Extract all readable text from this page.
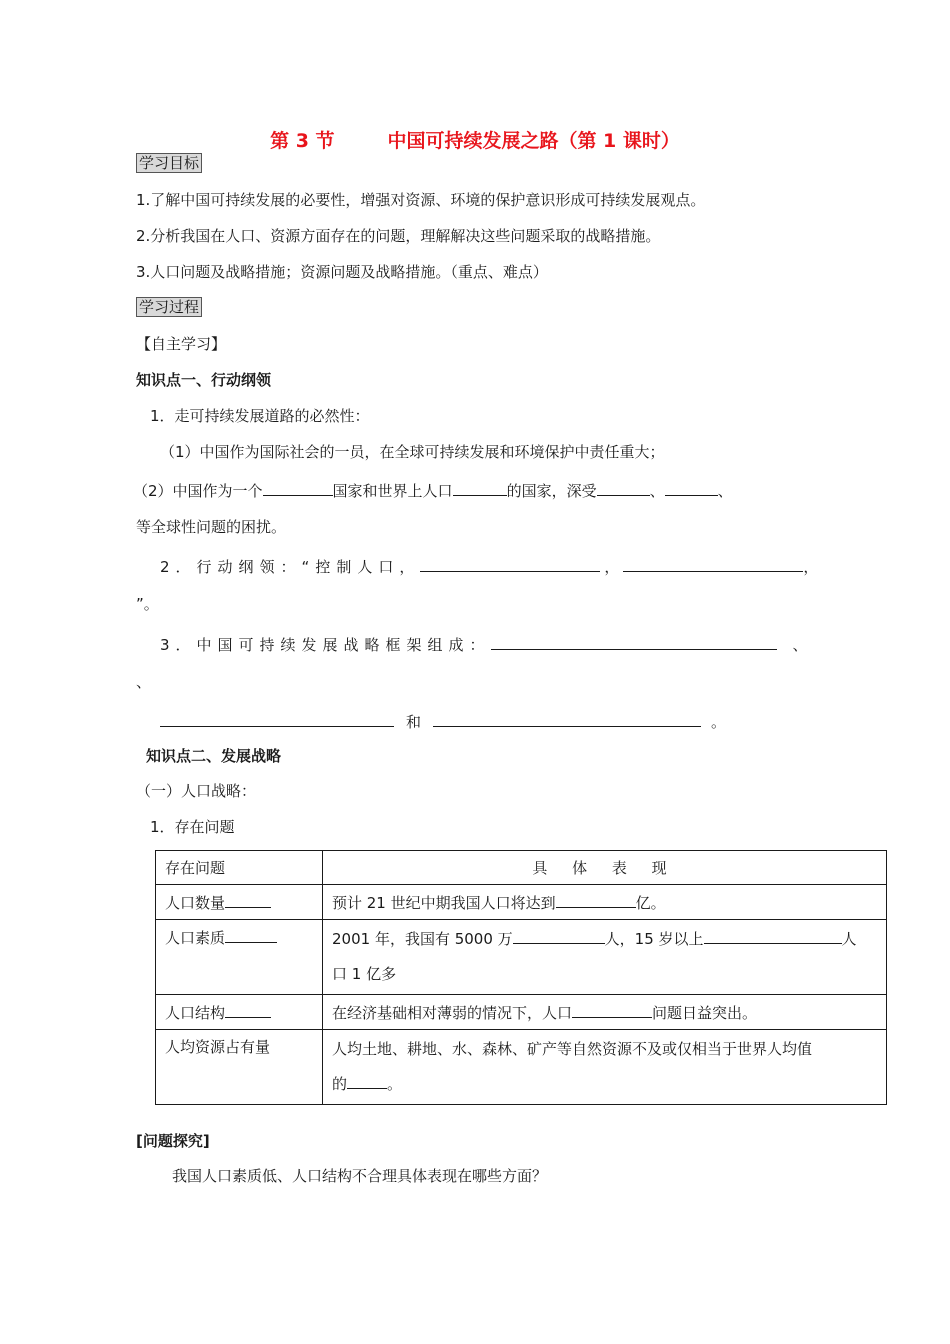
第 3 节        中国可持续发展之路（第 1 课时）
学习目标
1.了解中国可持续发展的必要性，增强对资源、环境的保护意识形成可持续发展观点。
2.分析我国在人口、资源方面存在的问题，理解解决这些问题采取的战略措施。
3.人口问题及战略措施；资源问题及战略措施。（重点、难点）
学习过程
【自主学习】
知识点一、行动纲领
1．走可持续发展道路的必然性：
（1）中国作为国际社会的一员，在全球可持续发展和环境保护中责任重大；
（2）中国作为一个	国家和世界上人口	的国家，深受	、	、
等全球性问题的困扰。
2．行动纲领：“控制人口，	，	，
”。
3．中国可持续发展战略框架组成：	、
、
和	。
知识点二、发展战略
（一）人口战略：
1．存在问题
存在问题	具 体 表 现
人口数量	预计 21 世纪中期我国人口将达到 亿。
人口素质	2001 年，我国有 5000 万 人，15 岁以上 人
口 1 亿多
人口结构	在经济基础相对薄弱的情况下，人口 问题日益突出。
人均资源占有量	人均土地、耕地、水、森林、矿产等自然资源不及或仅相当于世界人均值
的 。
[问题探究]
我国人口素质低、人口结构不合理具体表现在哪些方面？
